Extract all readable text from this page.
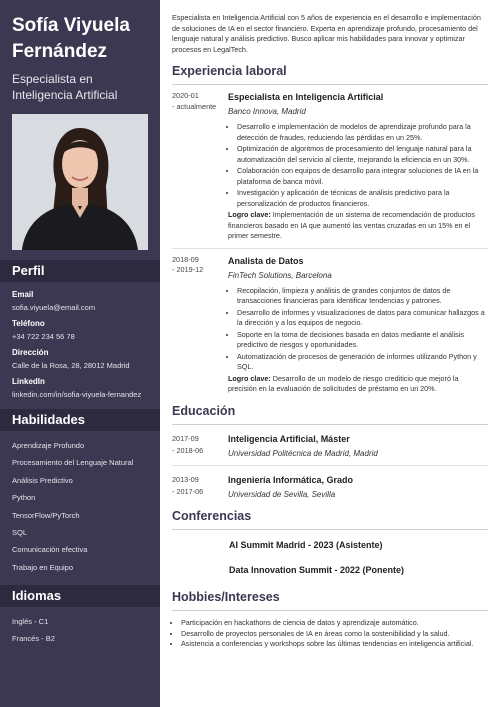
Sofía Viyuela
Fernández
Especialista en Inteligencia Artificial
Perfil
Email
sofia.viyuela@email.com
Teléfono
+34 722 234 56 78
Dirección
Calle de la Rosa, 28, 28012 Madrid
LinkedIn
linkedin.com/in/sofia-viyuela-fernandez
Habilidades
Aprendizaje Profundo
Procesamiento del Lenguaje Natural
Análisis Predictivo
Python
TensorFlow/PyTorch
SQL
Comunicación efectiva
Trabajo en Equipo
Idiomas
Inglés - C1
Francés - B2
Especialista en Inteligencia Artificial con 5 años de experiencia en el desarrollo e implementación de soluciones de IA en el sector financiero. Experta en aprendizaje profundo, procesamiento del lenguaje natural y análisis predictivo. Busco aplicar mis habilidades para innovar y optimizar procesos en LegalTech.
Experiencia laboral
2020-01
- actualmente
Especialista en Inteligencia Artificial
Banco Innova, Madrid
• Desarrollo e implementación de modelos de aprendizaje profundo para la detección de fraudes, reduciendo las pérdidas en un 25%.
• Optimización de algoritmos de procesamiento del lenguaje natural para la automatización del servicio al cliente, mejorando la eficiencia en un 30%.
• Colaboración con equipos de desarrollo para integrar soluciones de IA en la plataforma de banca móvil.
• Investigación y aplicación de técnicas de análisis predictivo para la personalización de productos financieros.
Logro clave: Implementación de un sistema de recomendación de productos financieros basado en IA que aumentó las ventas cruzadas en un 15% en el primer semestre.
2018-09
- 2019-12
Analista de Datos
FinTech Solutions, Barcelona
• Recopilación, limpieza y análisis de grandes conjuntos de datos de transacciones financieras para identificar tendencias y patrones.
• Desarrollo de informes y visualizaciones de datos para comunicar hallazgos a la dirección y a los equipos de negocio.
• Soporte en la toma de decisiones basada en datos mediante el análisis predictivo de riesgos y oportunidades.
• Automatización de procesos de generación de informes utilizando Python y SQL.
Logro clave: Desarrollo de un modelo de riesgo crediticio que mejoró la precisión en la evaluación de solicitudes de préstamo en un 20%.
Educación
2017-09
- 2018-06
Inteligencia Artificial, Máster
Universidad Politécnica de Madrid, Madrid
2013-09
- 2017-06
Ingeniería Informática, Grado
Universidad de Sevilla, Sevilla
Conferencias
AI Summit Madrid - 2023 (Asistente)
Data Innovation Summit - 2022 (Ponente)
Hobbies/Intereses
• Participación en hackathons de ciencia de datos y aprendizaje automático.
• Desarrollo de proyectos personales de IA en áreas como la sostenibilidad y la salud.
• Asistencia a conferencias y workshops sobre las últimas tendencias en inteligencia artificial.
